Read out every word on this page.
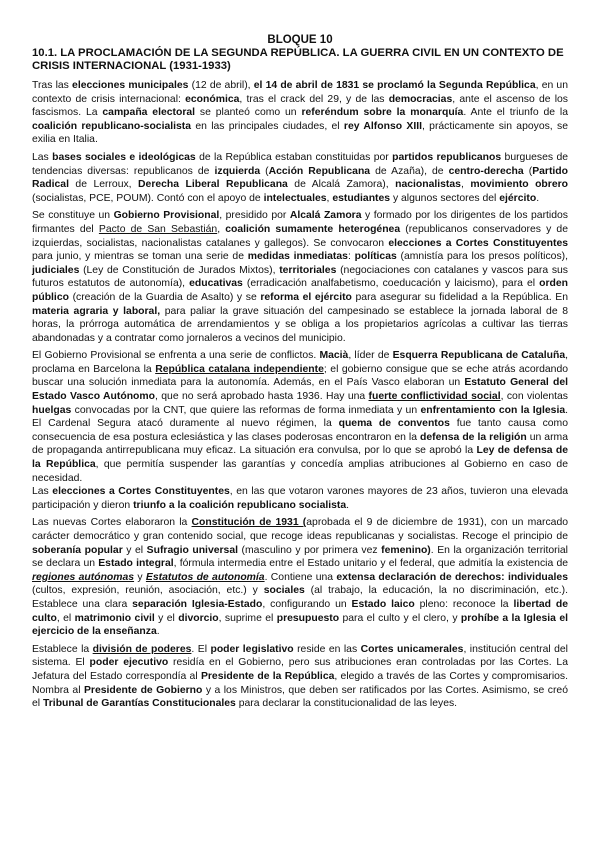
BLOQUE 10
10.1. LA PROCLAMACIÓN DE LA SEGUNDA REPÚBLICA. LA GUERRA CIVIL EN UN CONTEXTO DE CRISIS INTERNACIONAL (1931-1933)

Tras las elecciones municipales (12 de abril), el 14 de abril de 1831 se proclamó la Segunda República, en un contexto de crisis internacional: económica, tras el crack del 29, y de las democracias, ante el ascenso de los fascismos. La campaña electoral se planteó como un referéndum sobre la monarquía. Ante el triunfo de la coalición republicano-socialista en las principales ciudades, el rey Alfonso XIII, prácticamente sin apoyos, se exilia en Italia.

Las bases sociales e ideológicas de la República estaban constituidas por partidos republicanos burgueses de tendencias diversas: republicanos de izquierda (Acción Republicana de Azaña), de centro-derecha (Partido Radical de Lerroux, Derecha Liberal Republicana de Alcalá Zamora), nacionalistas, movimiento obrero (socialistas, PCE, POUM). Contó con el apoyo de intelectuales, estudiantes y algunos sectores del ejército.

Se constituye un Gobierno Provisional, presidido por Alcalá Zamora y formado por los dirigentes de los partidos firmantes del Pacto de San Sebastián, coalición sumamente heterogénea (republicanos conservadores y de izquierdas, socialistas, nacionalistas catalanes y gallegos). Se convocaron elecciones a Cortes Constituyentes para junio, y mientras se toman una serie de medidas inmediatas: políticas (amnistía para los presos políticos), judiciales (Ley de Constitución de Jurados Mixtos), territoriales (negociaciones con catalanes y vascos para sus futuros estatutos de autonomía), educativas (erradicación analfabetismo, coeducación y laicismo), para el orden público (creación de la Guardia de Asalto) y se reforma el ejército para asegurar su fidelidad a la República. En materia agraria y laboral, para paliar la grave situación del campesinado se establece la jornada laboral de 8 horas, la prórroga automática de arrendamientos y se obliga a los propietarios agrícolas a cultivar las tierras abandonadas y a contratar como jornaleros a vecinos del municipio.

El Gobierno Provisional se enfrenta a una serie de conflictos. Macià, líder de Esquerra Republicana de Cataluña, proclama en Barcelona la República catalana independiente; el gobierno consigue que se eche atrás acordando buscar una solución inmediata para la autonomía. Además, en el País Vasco elaboran un Estatuto General del Estado Vasco Autónomo, que no será aprobado hasta 1936. Hay una fuerte conflictividad social, con violentas huelgas convocadas por la CNT, que quiere las reformas de forma inmediata y un enfrentamiento con la Iglesia. El Cardenal Segura atacó duramente al nuevo régimen, la quema de conventos fue tanto causa como consecuencia de esa postura eclesiástica y las clases poderosas encontraron en la defensa de la religión un arma de propaganda antirrepublicana muy eficaz. La situación era convulsa, por lo que se aprobó la Ley de defensa de la República, que permitía suspender las garantías y concedía amplias atribuciones al Gobierno en caso de necesidad.

Las elecciones a Cortes Constituyentes, en las que votaron varones mayores de 23 años, tuvieron una elevada participación y dieron triunfo a la coalición republicano socialista.

Las nuevas Cortes elaboraron la Constitución de 1931 (aprobada el 9 de diciembre de 1931), con un marcado carácter democrático y gran contenido social, que recoge ideas republicanas y socialistas. Recoge el principio de soberanía popular y el Sufragio universal (masculino y por primera vez femenino). En la organización territorial se declara un Estado integral, fórmula intermedia entre el Estado unitario y el federal, que admitía la existencia de regiones autónomas y Estatutos de autonomía. Contiene una extensa declaración de derechos: individuales (cultos, expresión, reunión, asociación, etc.) y sociales (al trabajo, la educación, la no discriminación, etc.). Establece una clara separación Iglesia-Estado, configurando un Estado laico pleno: reconoce la libertad de culto, el matrimonio civil y el divorcio, suprime el presupuesto para el culto y el clero, y prohíbe a la Iglesia el ejercicio de la enseñanza.

Establece la división de poderes. El poder legislativo reside en las Cortes unicamerales, institución central del sistema. El poder ejecutivo residía en el Gobierno, pero sus atribuciones eran controladas por las Cortes. La Jefatura del Estado correspondía al Presidente de la República, elegido a través de las Cortes y compromisarios. Nombra al Presidente de Gobierno y a los Ministros, que deben ser ratificados por las Cortes. Asimismo, se creó el Tribunal de Garantías Constitucionales para declarar la constitucionalidad de las leyes.
